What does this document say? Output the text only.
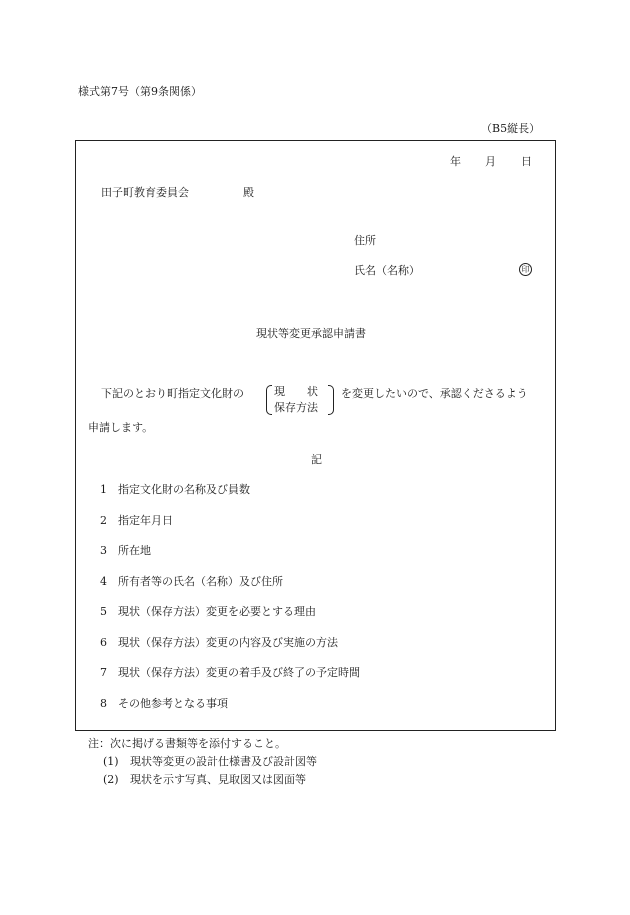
様式第7号（第9条関係）
（B5縦長）
年 月 日
田子町教育委員会	殿
住所
氏名（名称）	印
現状等変更承認申請書
下記のとおり町指定文化財の	現　　状
保存方法
を変更したいので、承認くださるよう
申請します。
記
1 指定文化財の名称及び員数
2 指定年月日
3 所在地
4 所有者等の氏名（名称）及び住所
5 現状（保存方法）変更を必要とする理由
6 現状（保存方法）変更の内容及び実施の方法
7 現状（保存方法）変更の着手及び終了の予定時間
8 その他参考となる事項
注：次に掲げる書類等を添付すること。
(1) 現状等変更の設計仕様書及び設計図等
(2) 現状を示す写真、見取図又は図面等
